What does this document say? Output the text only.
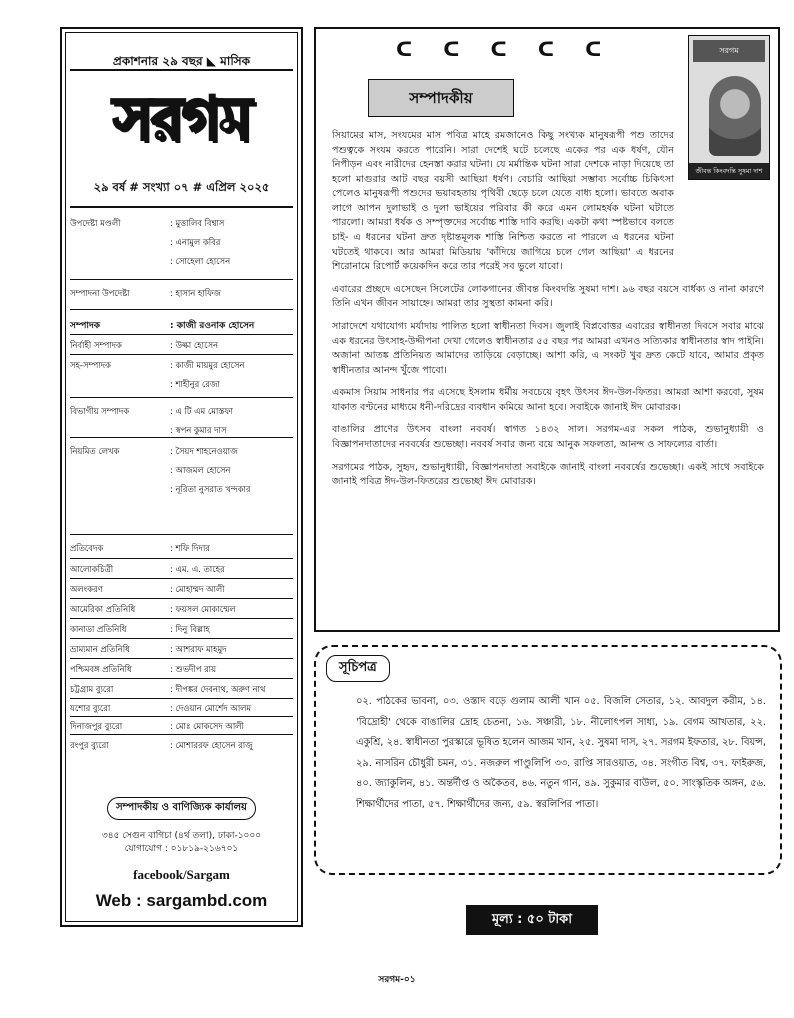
প্রকাশনার ২৯ বছর ◣ মাসিক
সরগম
২৯ বর্ষ # সংখ্যা ০৭ # এপ্রিল ২০২৫
উপদেষ্টা মণ্ডলী	: মুত্তালিব বিশ্বাস
: এনামুল কবির
: সোহেলা হোসেন
সম্পাদনা উপদেষ্টা	: হাসান হাফিজ
সম্পাদক	: কাজী রওনাক হোসেন
নির্বাহী সম্পাদক	: উল্কা হোসেন
সহ-সম্পাদক	: কাজী মায়মুর হোসেন
: শাহীনুর রেজা
বিভাগীয় সম্পাদক	: এ টি এম মোস্তফা
: স্বপন কুমার দাস
নিয়মিত লেখক	: সৈয়দ শাহনেওয়াজ
: আজমল হোসেন
: নূরিতা নুসরাত খন্দকার
প্রতিবেদক	: শফি দিদার
আলোকচিত্রী	: এম. এ. তাহের
অলংকরণ	: মোহাম্মদ আলী
আমেরিকা প্রতিনিধি	: ফয়সল মোকাম্মেল
কানাডা প্রতিনিধি	: দিনু বিল্লাহ
ভ্রাম্যমান প্রতিনিধি	: আশরাফ মাহমুদ
পশ্চিমবঙ্গ প্রতিনিধি	: শুভদীপ রায়
চট্টগ্রাম ব্যুরো	: দীপঙ্কর দেবনাথ, অরুণ নাথ
যশোর ব্যুরো	: দেওয়ান মোর্শেদ আলম
দিনাজপুর ব্যুরো	: মোঃ মোকসেদ আলী
রংপুর ব্যুরো	: মোশাররফ হোসেন রাজু
সম্পাদকীয় ও বাণিজ্যিক কার্যালয়
৩৪৫ সেগুন বাগিচা (৪র্থ তলা), ঢাকা-১০০০
যোগাযোগ : ০১৮১৯-২১৬৭০১
facebook/Sargam
Web : sargambd.com
ᑕ ᑕ ᑕ ᑕ ᑕ	সরগম
জীবন্ত কিংবদন্তি সুষমা দাশ
সম্পাদকীয়

সিয়ামের মাস, সংযমের মাস পবিত্র মাহে রমজানেও কিছু সংখ্যক মানুষরূপী পশু তাদের পশুত্বকে সংযম করতে পারেনি। সারা দেশেই ঘটে চলেছে একের পর এক ধর্ষণ, যৌন নিপীড়ন এবং নারীদের হেনস্তা করার ঘটনা। যে মর্মান্তিক ঘটনা সারা দেশকে নাড়া দিয়েছে তা হলো মাগুরার আট বছর বয়সী আছিয়া ধর্ষণ। বেচারি আছিয়া সম্ভাব্য সর্বোচ্চ চিকিৎসা পেলেও মানুষরূপী পশুদের ভয়াবহতায় পৃথিবী ছেড়ে চলে যেতে বাধ্য হলো। ভাবতে অবাক লাগে আপন দুলাভাই ও দুলা ভাইয়ের পরিবার কী করে এমন লোমহর্ষক ঘটনা ঘটাতে পারলো। আমরা ধর্ষক ও সম্পৃক্তদের সর্বোচ্চ শাস্তি দাবি করছি। একটা কথা স্পষ্টভাবে বলতে চাই- এ ধরনের ঘটনা দ্রুত দৃষ্টান্তমূলক শাস্তি নিশ্চিত করতে না পারলে এ ধরনের ঘটনা ঘটতেই থাকবে। আর আমরা মিডিয়ায় 'কাঁদিয়ে জাগিয়ে চলে গেল আছিয়া' এ ধরনের শিরোনামে রিপোর্ট কয়েকদিন করে তার পরেই সব ভুলে যাবো।

এবারের প্রচ্ছদে এসেছেন সিলেটের লোকগানের জীবন্ত কিংবদন্তি সুষমা দাশ। ৯৬ বছর বয়সে বার্ধক্য ও নানা কারণে তিনি এখন জীবন সায়াহ্নে। আমরা তার সুস্থতা কামনা করি।

সারাদেশে যথাযোগ্য মর্যাদায় পালিত হলো স্বাধীনতা দিবস। জুলাই বিপ্লবোত্তর এবারের স্বাধীনতা দিবসে সবার মাঝে এক ধরনের উৎসাহ-উদ্দীপনা দেখা গেলেও স্বাধীনতার ৫৫ বছর পর আমরা এখনও সত্যিকার স্বাধীনতার স্বাদ পাইনি। অজানা আতঙ্ক প্রতিনিয়ত আমাদের তাড়িয়ে বেড়াচ্ছে। আশা করি, এ সংকট খুব দ্রুত কেটে যাবে, আমার প্রকৃত স্বাধীনতার আনন্দ খুঁজে পাবো।

একমাস সিয়াম সাধনার পর এসেছে ইসলাম ধর্মীয় সবচেয়ে বৃহৎ উৎসব ঈদ-উল-ফিতর। আমরা আশা করবো, সুষম যাকাত বণ্টনের মাধ্যমে ধনী-দরিদ্রের ব্যবধান কমিয়ে আনা হবে। সবাইকে জানাই ঈদ মোবারক।

বাঙালির প্রাণের উৎসব বাংলা নববর্ষ। স্বাগত ১৪৩২ সাল। সরগম-এর সকল পাঠক, শুভানুধ্যায়ী ও বিজ্ঞাপনদাতাদের নববর্ষের শুভেচ্ছা। নববর্ষ সবার জন্য বয়ে আনুক সফলতা, আনন্দ ও সাফল্যের বার্তা।

সরগমের পাঠক, সুহৃদ, শুভানুধ্যায়ী, বিজ্ঞাপনদাতা সবাইকে জানাই বাংলা নববর্ষের শুভেচ্ছা। একই সাথে সবাইকে জানাই পবিত্র ঈদ-উল-ফিতরের শুভেচ্ছা ঈদ মোবারক।

সূচিপত্র
০২. পাঠকের ভাবনা, ০৩. ওস্তাদ বড়ে গুলাম আলী খান ০৫. বিজলি সেতার, ১২. আবদুল করীম, ১৪. 'বিদ্রোহী' থেকে বাঙালির দ্রোহ চেতনা, ১৬. সঞ্চারী, ১৮. নীলোৎপল সাধ্য, ১৯. বেগম আখতার, ২২. একুশ্রি, ২৪. স্বাধীনতা পুরস্কারে ভূষিত হলেন আজম খান, ২৫. সুষমা দাস, ২৭. সরগম ইফতার, ২৮. বিয়ন্স, ২৯. নাসরিন চৌধুরী চমন, ৩১. নজরুল পাণ্ডুলিপি ৩৩. রাপ্তি সারওয়াত, ৩৪. সংগীত বিশ্ব, ৩৭. ফাইরুজ, ৪০. জ্যাকুলিন, ৪১. অন্তর্দীপ্ত ও অকৈতব, ৪৬. নতুন গান, ৪৯. সুকুমার বাউল, ৫০. সাংস্কৃতিক অঙ্গন, ৫৬. শিক্ষার্থীদের পাতা, ৫৭. শিক্ষার্থীদের জন্য, ৫৯. স্বরলিপির পাতা।
মূল্য : ৫০ টাকা
সরগম-০১
